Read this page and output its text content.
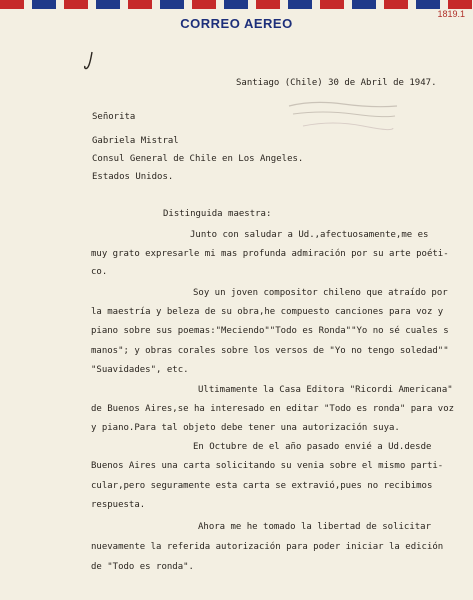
CORREO AEREO
1819.1
Santiago (Chile) 30 de Abril de 1947.
Señorita
Gabriela Mistral
Consul General de Chile en Los Angeles.
Estados Unidos.
Distinguida maestra:
Junto con saludar a Ud.,afectuosamente,me es
muy grato expresarle mi mas profunda admiración por su arte poéti-
co.
Soy un joven compositor chileno que atraído por
la maestría y beleza de su obra,he compuesto canciones para voz y
piano sobre sus poemas:"Meciendo""Todo es Ronda""Yo no sé cuales s
manos"; y obras corales sobre los versos de "Yo no tengo soledad""
"Suavidades", etc.
Ultimamente la Casa Editora "Ricordi Americana"
de Buenos Aires,se ha interesado en editar "Todo es ronda" para voz
y piano.Para tal objeto debe tener una autorización suya.
En Octubre de el año pasado envié a Ud.desde
Buenos Aires una carta solicitando su venia sobre el mismo parti-
cular,pero seguramente esta carta se extravió,pues no recibimos
respuesta.
Ahora me he tomado la libertad de solicitar
nuevamente la referida autorización para poder iniciar la edición
de "Todo es ronda".
